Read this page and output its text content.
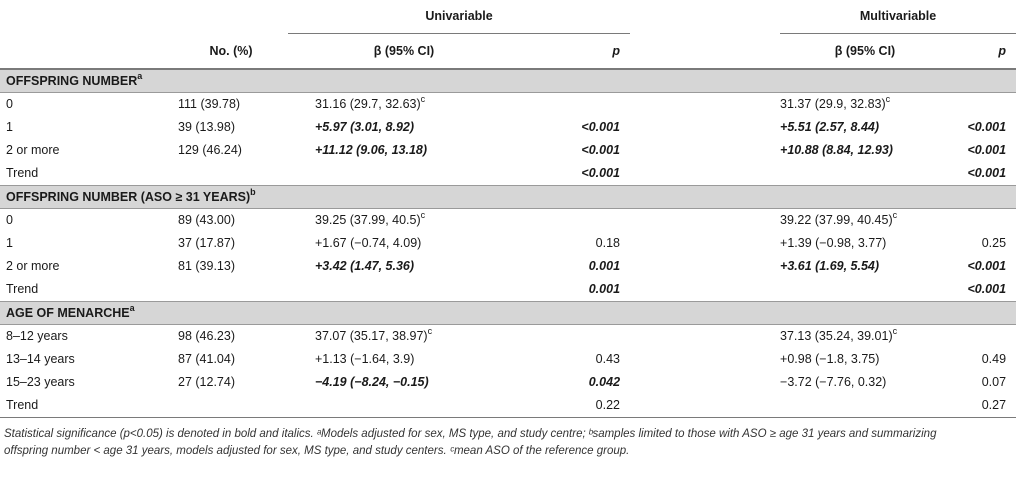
		Univariable			Multivariable	
	No. (%)	β (95% CI)	p		β (95% CI)	p
OFFSPRING NUMBER$^a$
0	111 (39.78)	31.16 (29.7, 32.63)$^c$			31.37 (29.9, 32.83)$^c$	
1	39 (13.98)	+5.97 (3.01, 8.92)	<0.001		+5.51 (2.57, 8.44)	<0.001
2 or more	129 (46.24)	+11.12 (9.06, 13.18)	<0.001		+10.88 (8.84, 12.93)	<0.001
Trend			<0.001			<0.001
OFFSPRING NUMBER (ASO ≥ 31 YEARS)$^b$
0	89 (43.00)	39.25 (37.99, 40.5)$^c$			39.22 (37.99, 40.45)$^c$	
1	37 (17.87)	+1.67 (−0.74, 4.09)	0.18		+1.39 (−0.98, 3.77)	0.25
2 or more	81 (39.13)	+3.42 (1.47, 5.36)	0.001		+3.61 (1.69, 5.54)	<0.001
Trend			0.001			<0.001
AGE OF MENARCHE$^a$
8–12 years	98 (46.23)	37.07 (35.17, 38.97)$^c$			37.13 (35.24, 39.01)$^c$	
13–14 years	87 (41.04)	+1.13 (−1.64, 3.9)	0.43		+0.98 (−1.8, 3.75)	0.49
15–23 years	27 (12.74)	−4.19 (−8.24, −0.15)	0.042		−3.72 (−7.76, 0.32)	0.07
Trend			0.22			0.27
Statistical significance (p<0.05) is denoted in bold and italics. ᵃModels adjusted for sex, MS type, and study centre; ᵇsamples limited to those with ASO ≥ age 31 years and summarizing
offspring number < age 31 years, models adjusted for sex, MS type, and study centers. ᶜmean ASO of the reference group.
